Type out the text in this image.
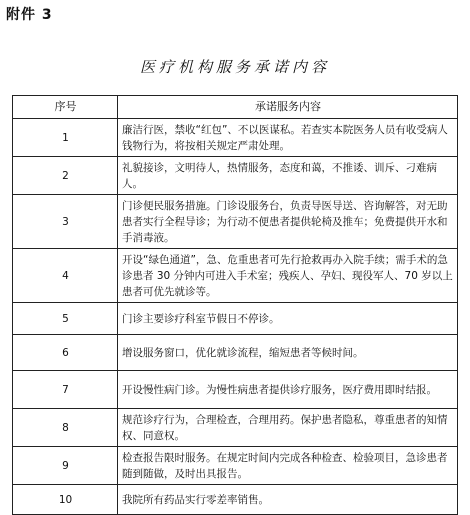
附件 3
医疗机构服务承诺内容
序号	承诺服务内容
1	廉洁行医，禁收“红包”、不以医谋私。若查实本院医务人员有收受病人钱物行为，将按相关规定严肃处理。
2	礼貌接诊，文明待人，热情服务，态度和蔼，不推诿、训斥、刁难病人。
3	门诊便民服务措施。门诊设服务台，负责导医导送、咨询解答，对无助患者实行全程导诊；为行动不便患者提供轮椅及推车；免费提供开水和手消毒液。
4	开设“绿色通道”，急、危重患者可先行抢救再办入院手续；需手术的急诊患者 30 分钟内可进入手术室；残疾人、孕妇、现役军人、70 岁以上患者可优先就诊等。
5	门诊主要诊疗科室节假日不停诊。
6	增设服务窗口，优化就诊流程，缩短患者等候时间。
7	开设慢性病门诊。为慢性病患者提供诊疗服务，医疗费用即时结报。
8	规范诊疗行为，合理检查，合理用药。保护患者隐私，尊重患者的知情权、同意权。
9	检查报告限时服务。在规定时间内完成各种检查、检验项目，急诊患者随到随做，及时出具报告。
10	我院所有药品实行零差率销售。
